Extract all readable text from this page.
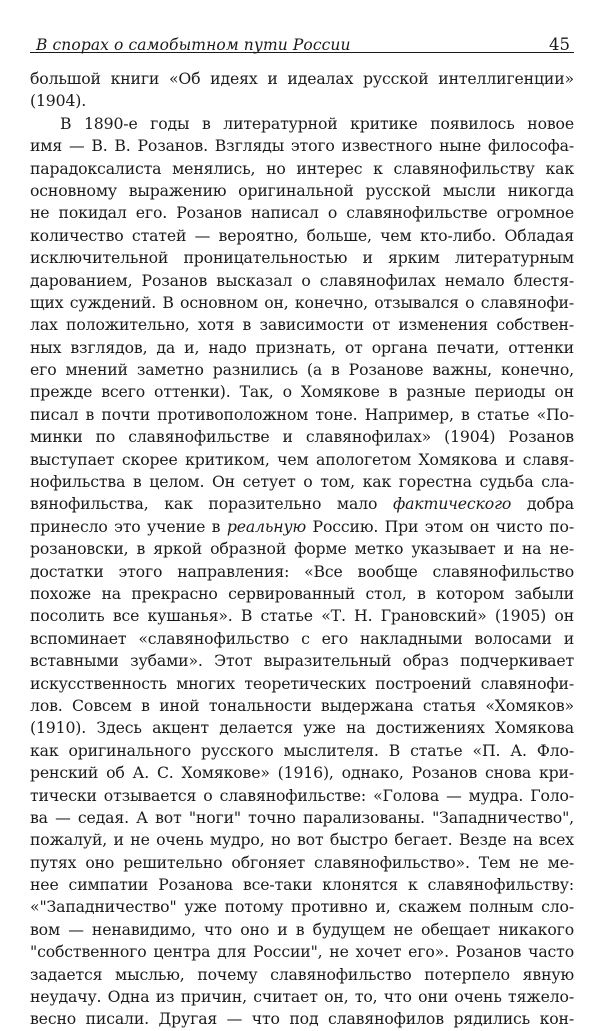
В спорах о самобытном пути России	45
большой книги «Об идеях и идеалах русской интеллигенции»
(1904).
В 1890-е годы в литературной критике появилось новое
имя — В. В. Розанов. Взгляды этого известного ныне философа-
парадоксалиста менялись, но интерес к славянофильству как
основному выражению оригинальной русской мысли никогда
не покидал его. Розанов написал о славянофильстве огромное
количество статей — вероятно, больше, чем кто-либо. Обладая
исключительной проницательностью и ярким литературным
дарованием, Розанов высказал о славянофилах немало блестя-
щих суждений. В основном он, конечно, отзывался о славянофи-
лах положительно, хотя в зависимости от изменения собствен-
ных взглядов, да и, надо признать, от органа печати, оттенки
его мнений заметно разнились (а в Розанове важны, конечно,
прежде всего оттенки). Так, о Хомякове в разные периоды он
писал в почти противоположном тоне. Например, в статье «По-
минки по славянофильстве и славянофилах» (1904) Розанов
выступает скорее критиком, чем апологетом Хомякова и славя-
нофильства в целом. Он сетует о том, как горестна судьба сла-
вянофильства, как поразительно мало фактического добра
принесло это учение в реальную Россию. При этом он чисто по-
розановски, в яркой образной форме метко указывает и на не-
достатки этого направления: «Все вообще славянофильство
похоже на прекрасно сервированный стол, в котором забыли
посолить все кушанья». В статье «Т. Н. Грановский» (1905) он
вспоминает «славянофильство с его накладными волосами и
вставными зубами». Этот выразительный образ подчеркивает
искусственность многих теоретических построений славянофи-
лов. Совсем в иной тональности выдержана статья «Хомяков»
(1910). Здесь акцент делается уже на достижениях Хомякова
как оригинального русского мыслителя. В статье «П. А. Фло-
ренский об А. С. Хомякове» (1916), однако, Розанов снова кри-
тически отзывается о славянофильстве: «Голова — мудра. Голо-
ва — седая. А вот "ноги" точно парализованы. "Западничество",
пожалуй, и не очень мудро, но вот быстро бегает. Везде на всех
путях оно решительно обгоняет славянофильство». Тем не ме-
нее симпатии Розанова все-таки клонятся к славянофильству:
«"Западничество" уже потому противно и, скажем полным сло-
вом — ненавидимо, что оно и в будущем не обещает никакого
"собственного центра для России", не хочет его». Розанов часто
задается мыслью, почему славянофильство потерпело явную
неудачу. Одна из причин, считает он, то, что они очень тяжело-
весно писали. Другая — что под славянофилов рядились кон-
